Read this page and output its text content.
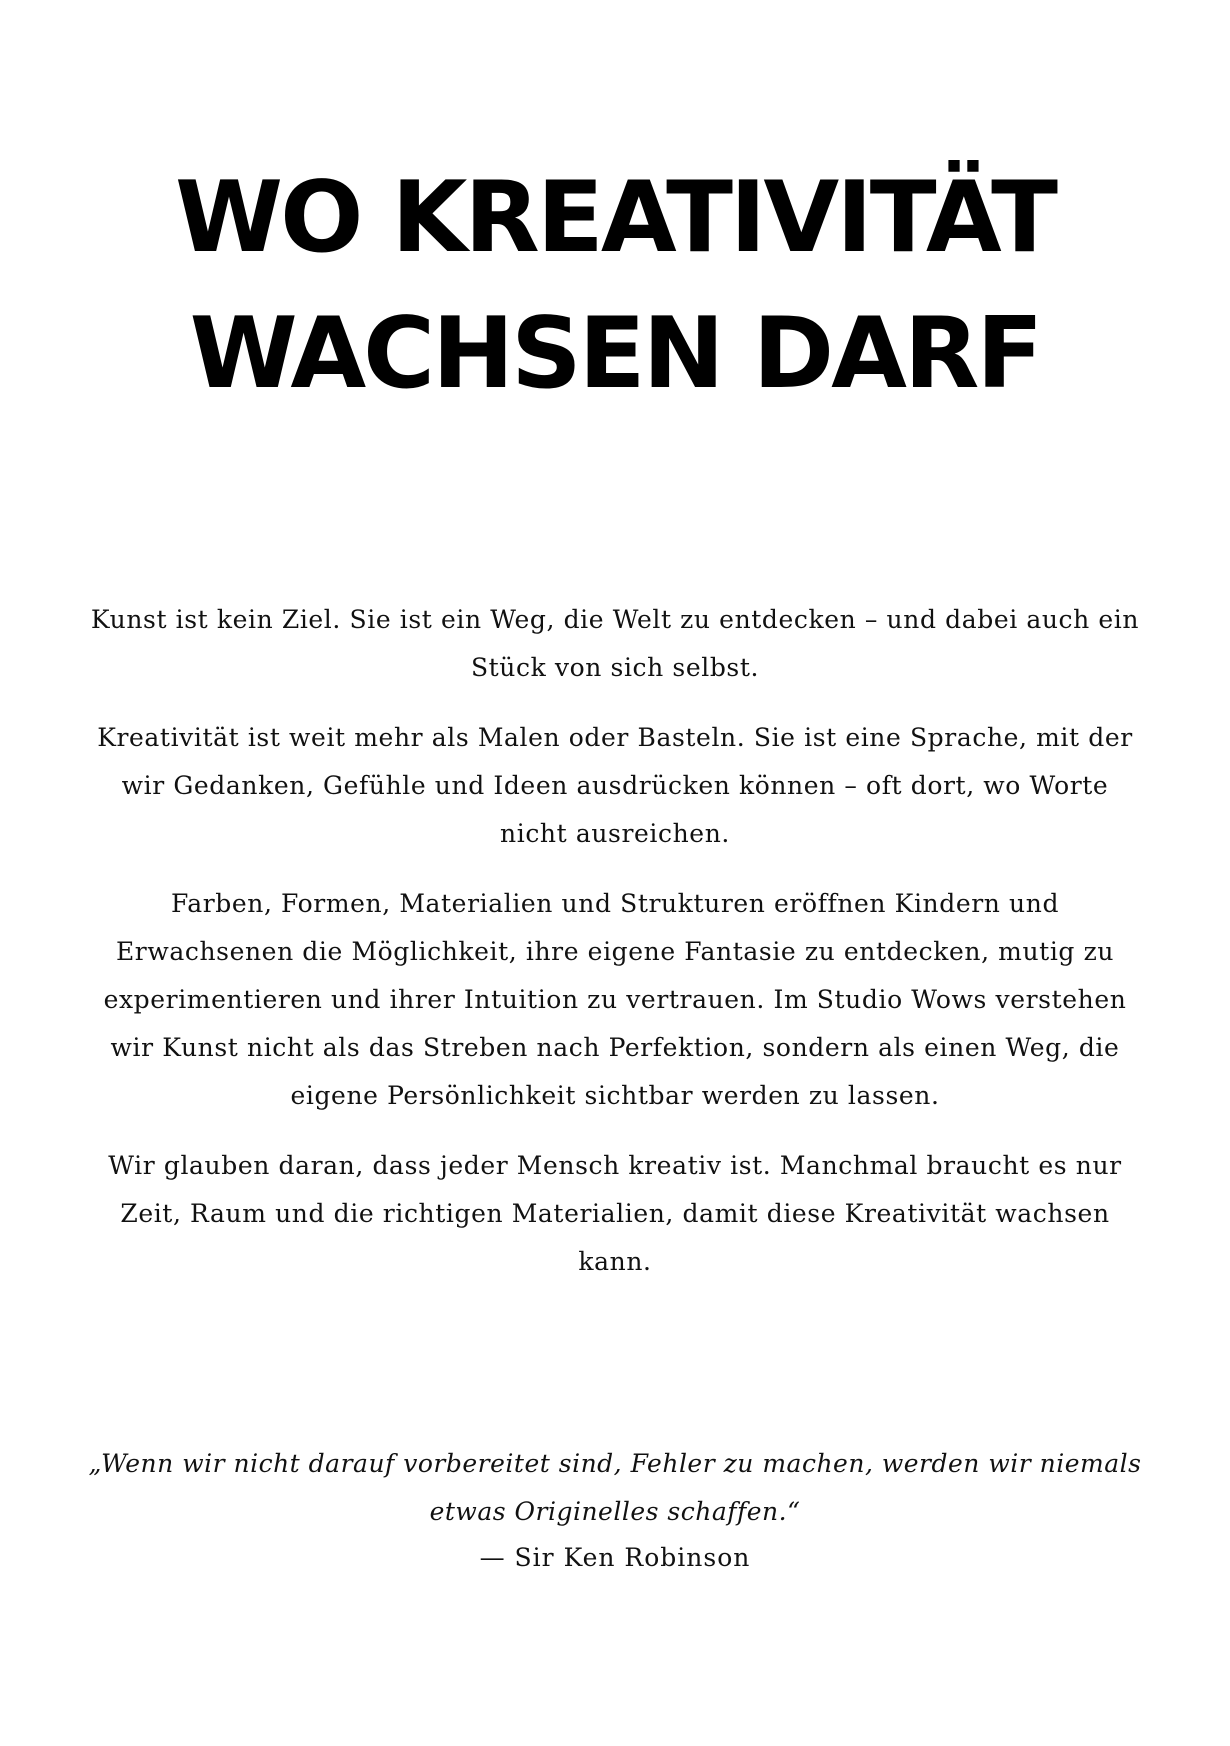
WO KREATIVITÄT
WACHSEN DARF

Kunst ist kein Ziel. Sie ist ein Weg, die Welt zu entdecken – und dabei auch ein Stück von sich selbst.

Kreativität ist weit mehr als Malen oder Basteln. Sie ist eine Sprache, mit der wir Gedanken, Gefühle und Ideen ausdrücken können – oft dort, wo Worte nicht ausreichen.

Farben, Formen, Materialien und Strukturen eröffnen Kindern und Erwachsenen die Möglichkeit, ihre eigene Fantasie zu entdecken, mutig zu experimentieren und ihrer Intuition zu vertrauen. Im Studio Wows verstehen wir Kunst nicht als das Streben nach Perfektion, sondern als einen Weg, die eigene Persönlichkeit sichtbar werden zu lassen.

Wir glauben daran, dass jeder Mensch kreativ ist. Manchmal braucht es nur Zeit, Raum und die richtigen Materialien, damit diese Kreativität wachsen kann.

„Wenn wir nicht darauf vorbereitet sind, Fehler zu machen, werden wir niemals etwas Originelles schaffen.“
— Sir Ken Robinson
